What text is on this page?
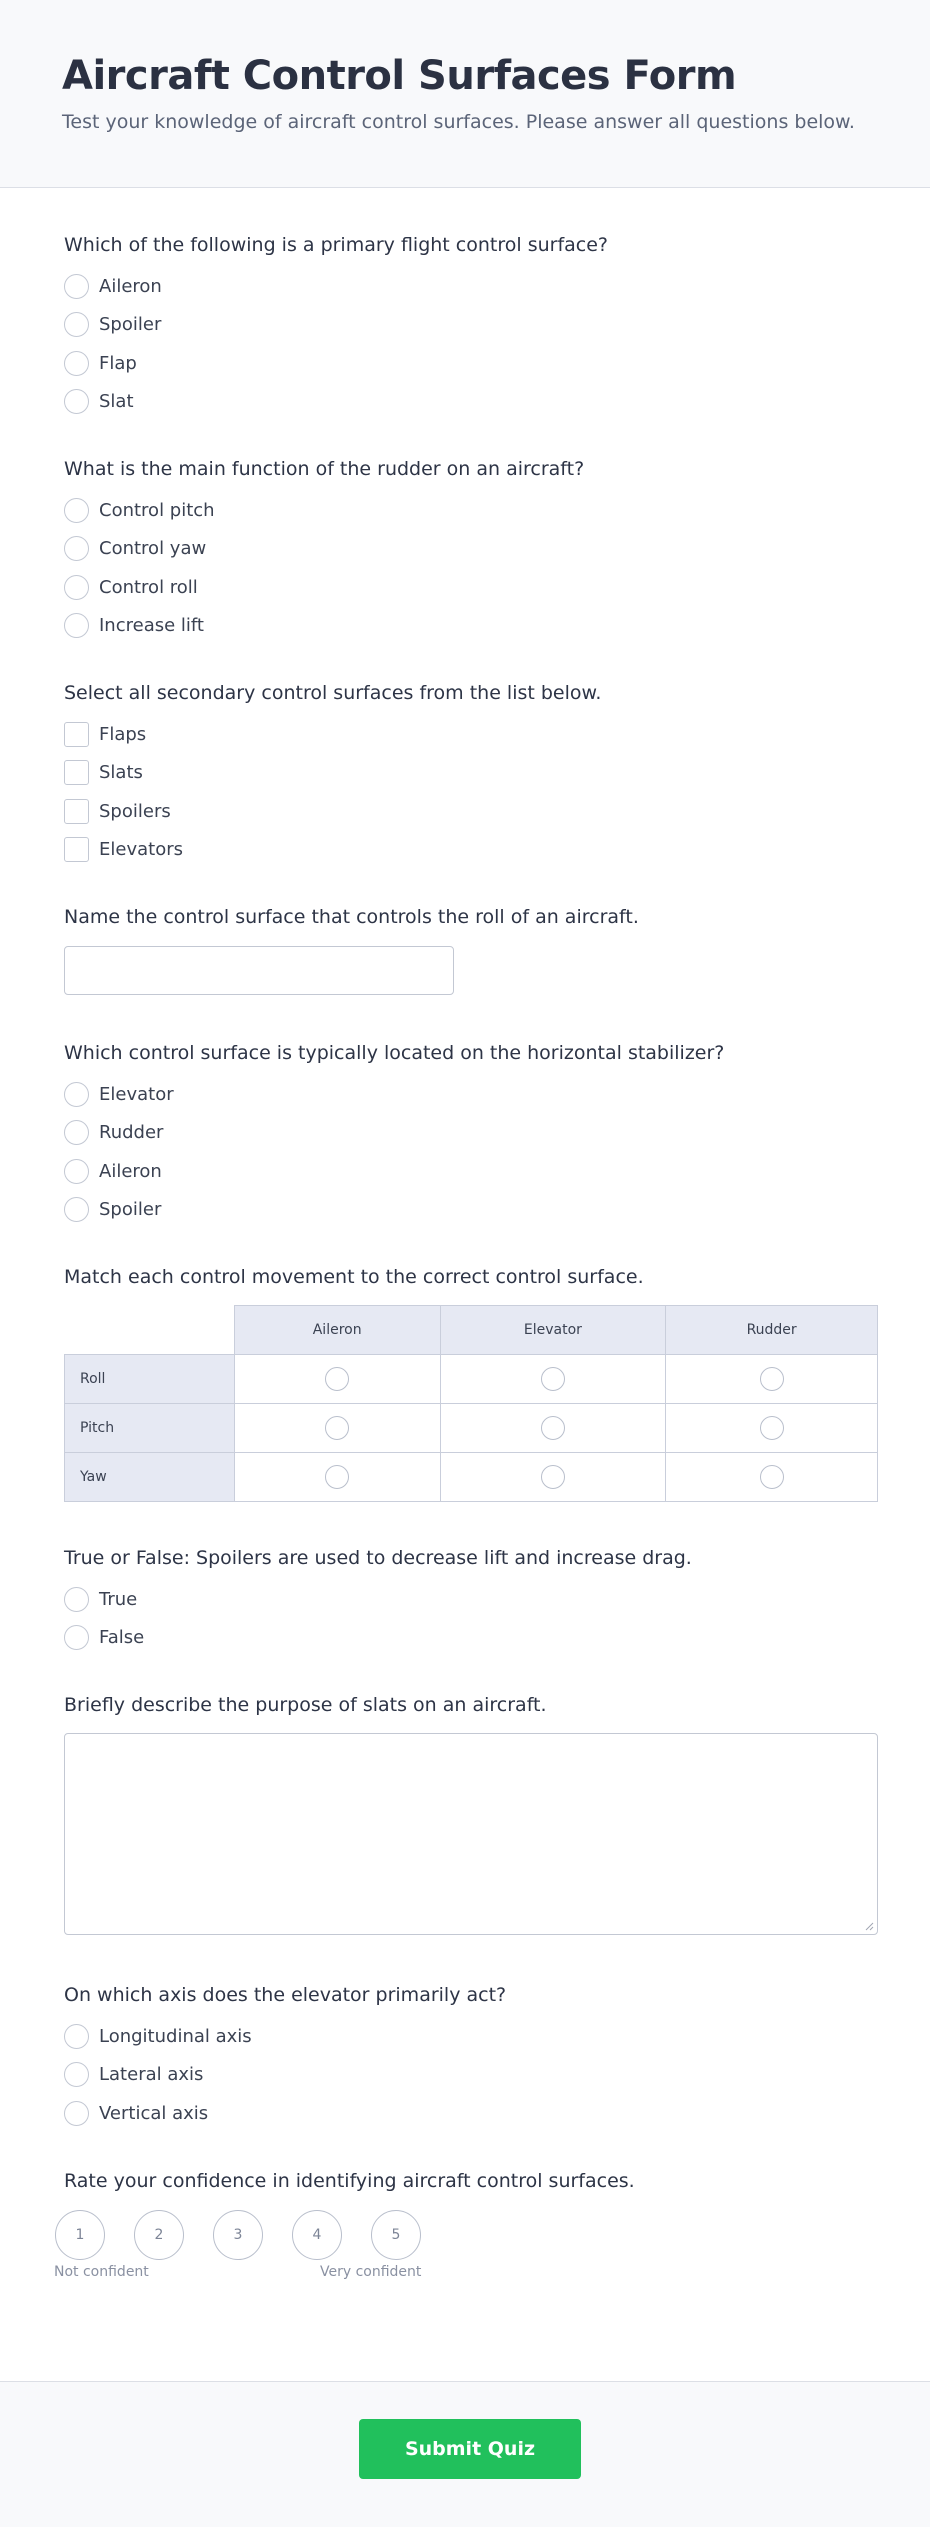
Aircraft Control Surfaces Form

Test your knowledge of aircraft control surfaces. Please answer all questions below.

Which of the following is a primary flight control surface?
Aileron
Spoiler
Flap
Slat
What is the main function of the rudder on an aircraft?
Control pitch
Control yaw
Control roll
Increase lift
Select all secondary control surfaces from the list below.
Flaps
Slats
Spoilers
Elevators
Name the control surface that controls the roll of an aircraft.
Which control surface is typically located on the horizontal stabilizer?
Elevator
Rudder
Aileron
Spoiler
Match each control movement to the correct control surface.
	Aileron	Elevator	Rudder
Roll			
Pitch			
Yaw			
True or False: Spoilers are used to decrease lift and increase drag.
True
False
Briefly describe the purpose of slats on an aircraft.
On which axis does the elevator primarily act?
Longitudinal axis
Lateral axis
Vertical axis
Rate your confidence in identifying aircraft control surfaces.
1	2	3	4	5
Not confident	Very confident
Submit Quiz
